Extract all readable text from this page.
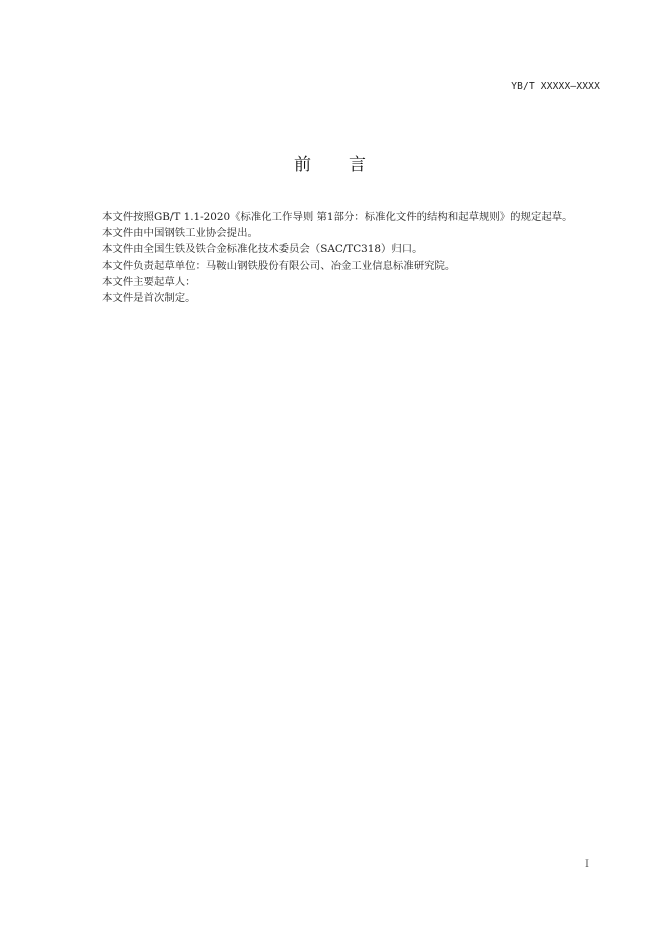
YB/T XXXXX—XXXX
前 言

本文件按照GB/T 1.1-2020《标准化工作导则 第1部分：标准化文件的结构和起草规则》的规定起草。

本文件由中国钢铁工业协会提出。

本文件由全国生铁及铁合金标准化技术委员会（SAC/TC318）归口。

本文件负责起草单位：马鞍山钢铁股份有限公司、冶金工业信息标准研究院。

本文件主要起草人：

本文件是首次制定。

I
